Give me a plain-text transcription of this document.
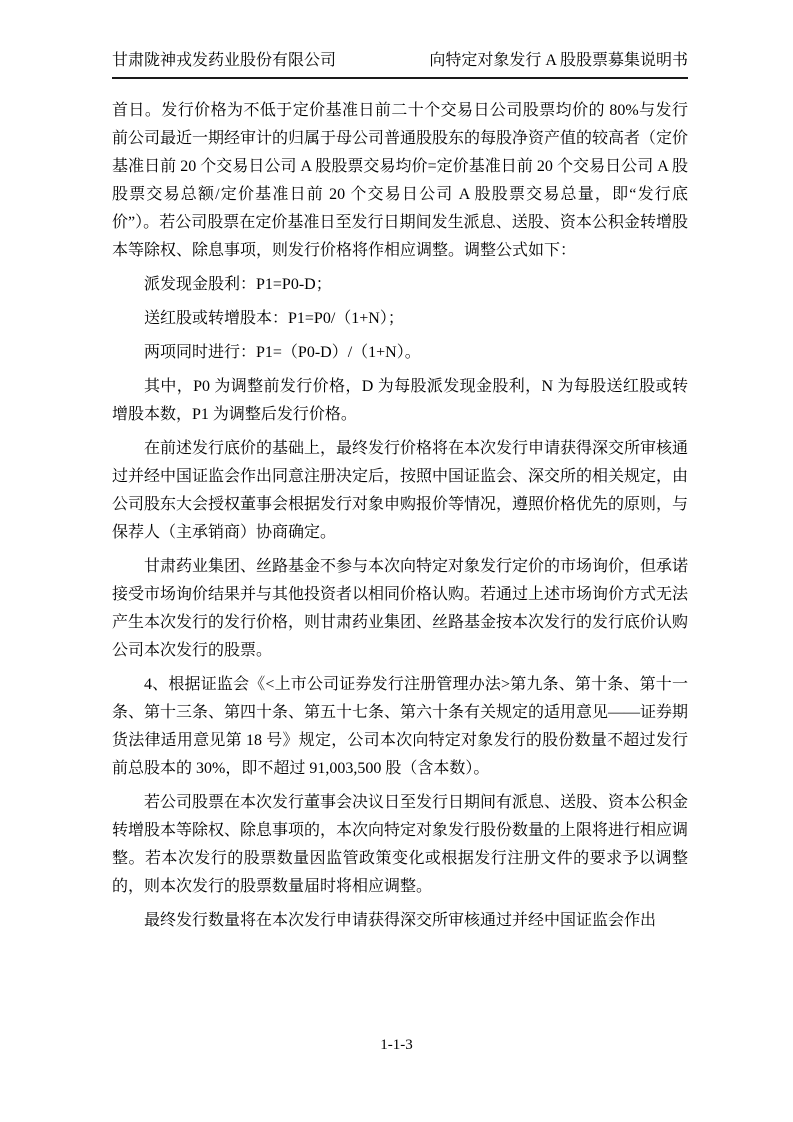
甘肃陇神戎发药业股份有限公司	向特定对象发行 A 股股票募集说明书

首日。发行价格为不低于定价基准日前二十个交易日公司股票均价的 80%与发行前公司最近一期经审计的归属于母公司普通股股东的每股净资产值的较高者（定价基准日前 20 个交易日公司 A 股股票交易均价=定价基准日前 20 个交易日公司 A 股股票交易总额/定价基准日前 20 个交易日公司 A 股股票交易总量，即“发行底价”）。若公司股票在定价基准日至发行日期间发生派息、送股、资本公积金转增股本等除权、除息事项，则发行价格将作相应调整。调整公式如下：

派发现金股利：P1=P0-D；

送红股或转增股本：P1=P0/（1+N）；

两项同时进行：P1=（P0-D）/（1+N）。

其中，P0 为调整前发行价格，D 为每股派发现金股利，N 为每股送红股或转增股本数，P1 为调整后发行价格。

在前述发行底价的基础上，最终发行价格将在本次发行申请获得深交所审核通过并经中国证监会作出同意注册决定后，按照中国证监会、深交所的相关规定，由公司股东大会授权董事会根据发行对象申购报价等情况，遵照价格优先的原则，与保荐人（主承销商）协商确定。

甘肃药业集团、丝路基金不参与本次向特定对象发行定价的市场询价，但承诺接受市场询价结果并与其他投资者以相同价格认购。若通过上述市场询价方式无法产生本次发行的发行价格，则甘肃药业集团、丝路基金按本次发行的发行底价认购公司本次发行的股票。

4、根据证监会《<上市公司证券发行注册管理办法>第九条、第十条、第十一条、第十三条、第四十条、第五十七条、第六十条有关规定的适用意见——证券期货法律适用意见第 18 号》规定，公司本次向特定对象发行的股份数量不超过发行前总股本的 30%，即不超过 91,003,500 股（含本数）。

若公司股票在本次发行董事会决议日至发行日期间有派息、送股、资本公积金转增股本等除权、除息事项的，本次向特定对象发行股份数量的上限将进行相应调整。若本次发行的股票数量因监管政策变化或根据发行注册文件的要求予以调整的，则本次发行的股票数量届时将相应调整。

最终发行数量将在本次发行申请获得深交所审核通过并经中国证监会作出

1-1-3
